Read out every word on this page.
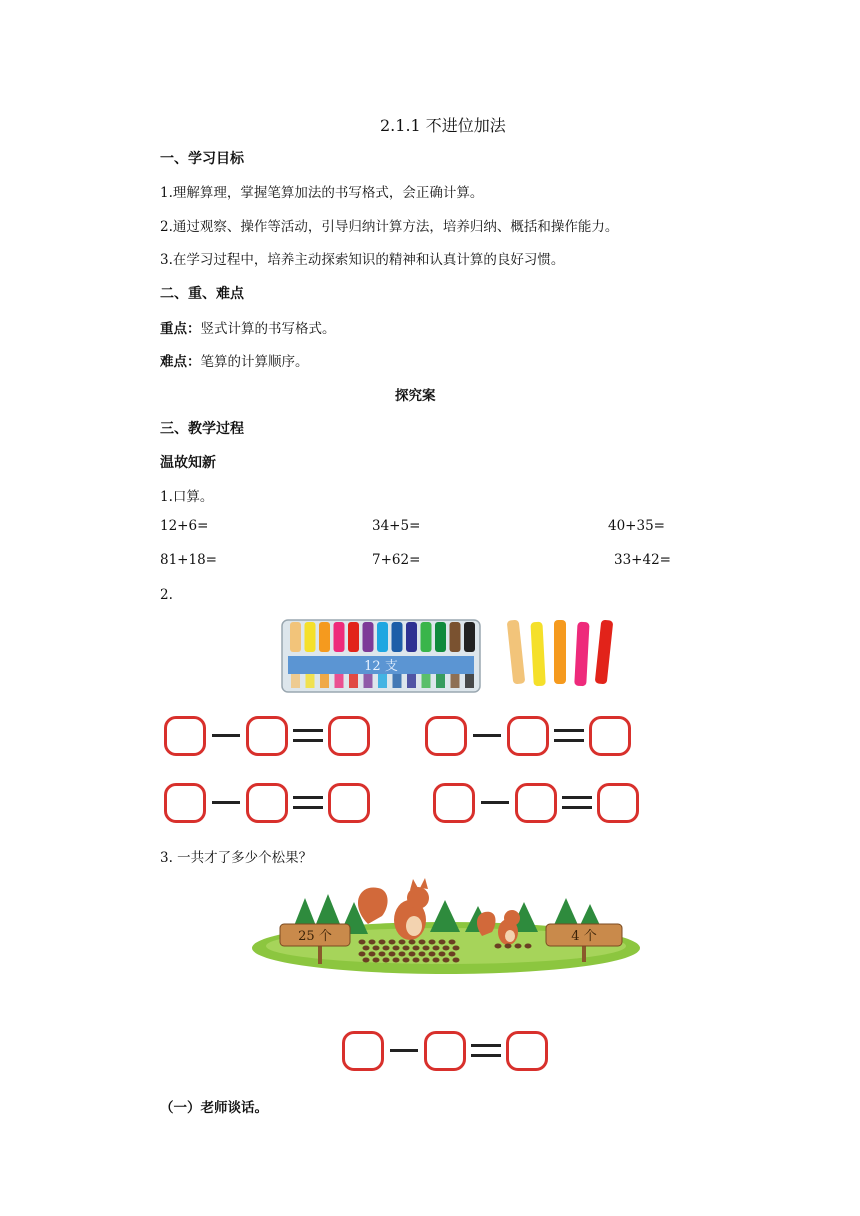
2.1.1 不进位加法
一、学习目标
1.理解算理，掌握笔算加法的书写格式，会正确计算。
2.通过观察、操作等活动，引导归纳计算方法，培养归纳、概括和操作能力。
3.在学习过程中，培养主动探索知识的精神和认真计算的良好习惯。
二、重、难点
重点：竖式计算的书写格式。
难点：笔算的计算顺序。
探究案
三、教学过程
温故知新
1.口算。
12+6=	34+5=	40+35=
81+18=	7+62=	33+42=
2.
12 支
3. 一共才了多少个松果？
25 个	4 个
（一）老师谈话。
